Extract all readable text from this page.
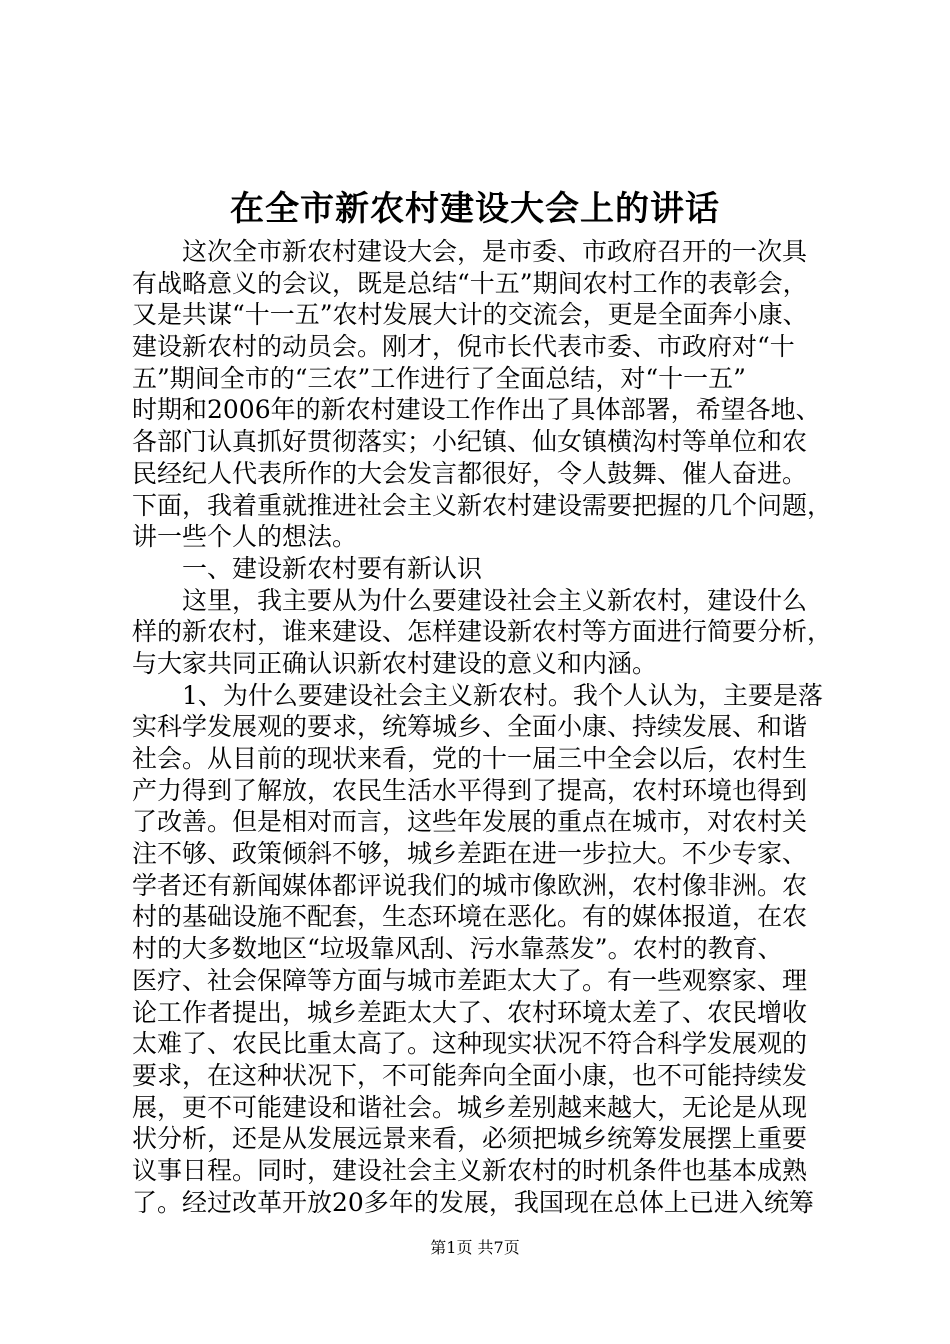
在全市新农村建设大会上的讲话
这次全市新农村建设大会，是市委、市政府召开的一次具
有战略意义的会议，既是总结“十五”期间农村工作的表彰会，
又是共谋“十一五”农村发展大计的交流会，更是全面奔小康、
建设新农村的动员会。刚才，倪市长代表市委、市政府对“十
五”期间全市的“三农”工作进行了全面总结，对“十一五”
时期和2006年的新农村建设工作作出了具体部署，希望各地、
各部门认真抓好贯彻落实；小纪镇、仙女镇横沟村等单位和农
民经纪人代表所作的大会发言都很好，令人鼓舞、催人奋进。
下面，我着重就推进社会主义新农村建设需要把握的几个问题，
讲一些个人的想法。
一、建设新农村要有新认识
这里，我主要从为什么要建设社会主义新农村，建设什么
样的新农村，谁来建设、怎样建设新农村等方面进行简要分析，
与大家共同正确认识新农村建设的意义和内涵。
1、为什么要建设社会主义新农村。我个人认为，主要是落
实科学发展观的要求，统筹城乡、全面小康、持续发展、和谐
社会。从目前的现状来看，党的十一届三中全会以后，农村生
产力得到了解放，农民生活水平得到了提高，农村环境也得到
了改善。但是相对而言，这些年发展的重点在城市，对农村关
注不够、政策倾斜不够，城乡差距在进一步拉大。不少专家、
学者还有新闻媒体都评说我们的城市像欧洲，农村像非洲。农
村的基础设施不配套，生态环境在恶化。有的媒体报道，在农
村的大多数地区“垃圾靠风刮、污水靠蒸发”。农村的教育、
医疗、社会保障等方面与城市差距太大了。有一些观察家、理
论工作者提出，城乡差距太大了、农村环境太差了、农民增收
太难了、农民比重太高了。这种现实状况不符合科学发展观的
要求，在这种状况下，不可能奔向全面小康，也不可能持续发
展，更不可能建设和谐社会。城乡差别越来越大，无论是从现
状分析，还是从发展远景来看，必须把城乡统筹发展摆上重要
议事日程。同时，建设社会主义新农村的时机条件也基本成熟
了。经过改革开放20多年的发展，我国现在总体上已进入统筹
第1页 共7页
